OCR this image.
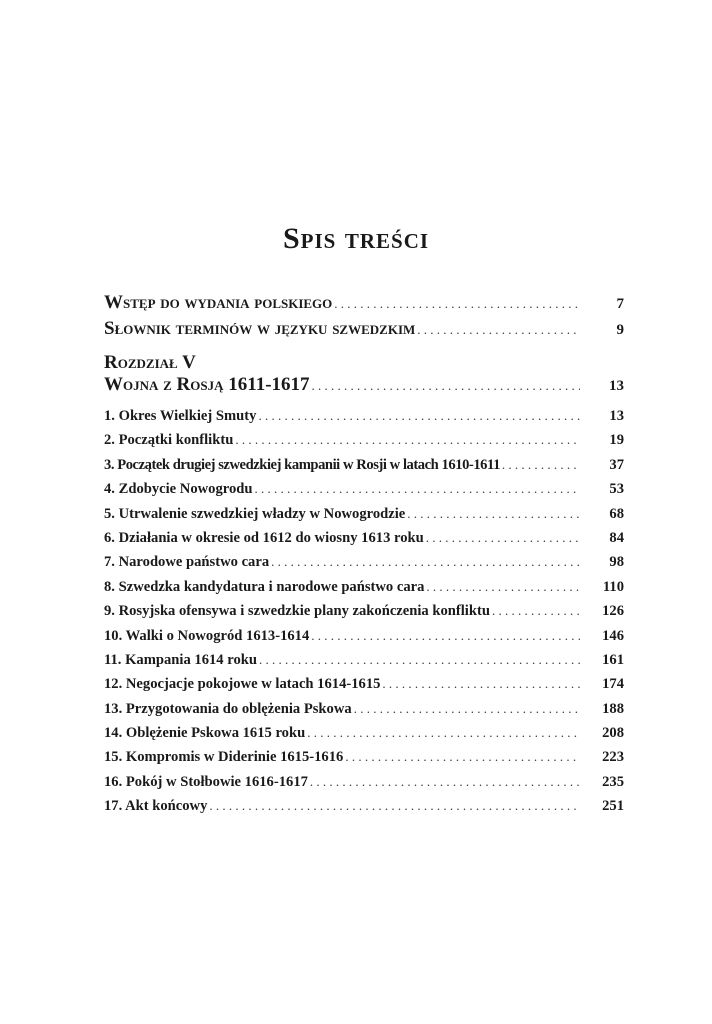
Spis treści
Wstęp do wydania polskiego . . .	7
Słownik terminów w języku szwedzkim . . .	9
Rozdział V
Wojna z Rosją 1611-1617 . . .	13
1. Okres Wielkiej Smuty . . .	13
2. Początki konfliktu . . .	19
3. Początek drugiej szwedzkiej kampanii w Rosji w latach 1610-1611 . . .	37
4. Zdobycie Nowogrodu . . .	53
5. Utrwalenie szwedzkiej władzy w Nowogrodzie . . .	68
6. Działania w okresie od 1612 do wiosny 1613 roku . . .	84
7. Narodowe państwo cara . . .	98
8. Szwedzka kandydatura i narodowe państwo cara . . .	110
9. Rosyjska ofensywa i szwedzkie plany zakończenia konfliktu . . .	126
10. Walki o Nowogród 1613-1614 . . .	146
11. Kampania 1614 roku . . .	161
12. Negocjacje pokojowe w latach 1614-1615 . . .	174
13. Przygotowania do oblężenia Pskowa . . .	188
14. Oblężenie Pskowa 1615 roku . . .	208
15. Kompromis w Diderinie 1615-1616 . . .	223
16. Pokój w Stołbowie 1616-1617 . . .	235
17. Akt końcowy . . .	251
